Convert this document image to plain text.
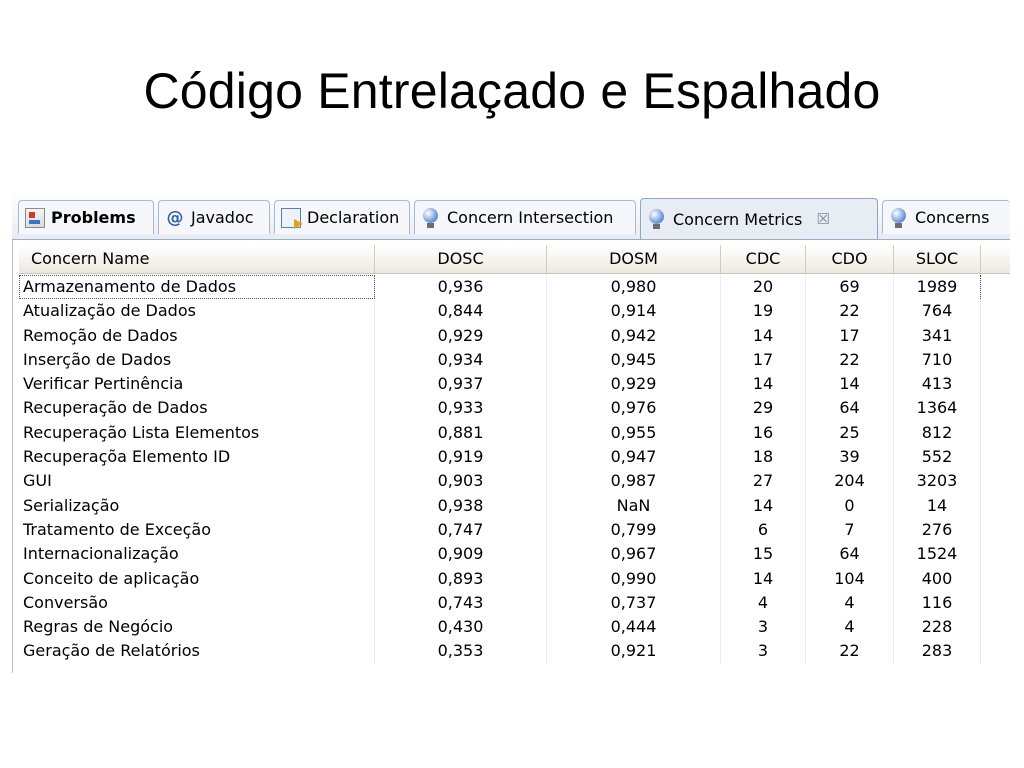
Código Entrelaçado e Espalhado
Problems @ Javadoc	Declaration	Concern Intersection	Concern Metrics ☒	Concerns
Concern Name	DOSC	DOSM	CDC	CDO	SLOC
Armazenamento de Dados	0,936	0,980	20	69	1989
Atualização de Dados	0,844	0,914	19	22	764
Remoção de Dados	0,929	0,942	14	17	341
Inserção de Dados	0,934	0,945	17	22	710
Verificar Pertinência	0,937	0,929	14	14	413
Recuperação de Dados	0,933	0,976	29	64	1364
Recuperação Lista Elementos	0,881	0,955	16	25	812
Recuperaçõa Elemento ID	0,919	0,947	18	39	552
GUI	0,903	0,987	27	204	3203
Serialização	0,938	NaN	14	0	14
Tratamento de Exceção	0,747	0,799	6	7	276
Internacionalização	0,909	0,967	15	64	1524
Conceito de aplicação	0,893	0,990	14	104	400
Conversão	0,743	0,737	4	4	116
Regras de Negócio	0,430	0,444	3	4	228
Geração de Relatórios	0,353	0,921	3	22	283
